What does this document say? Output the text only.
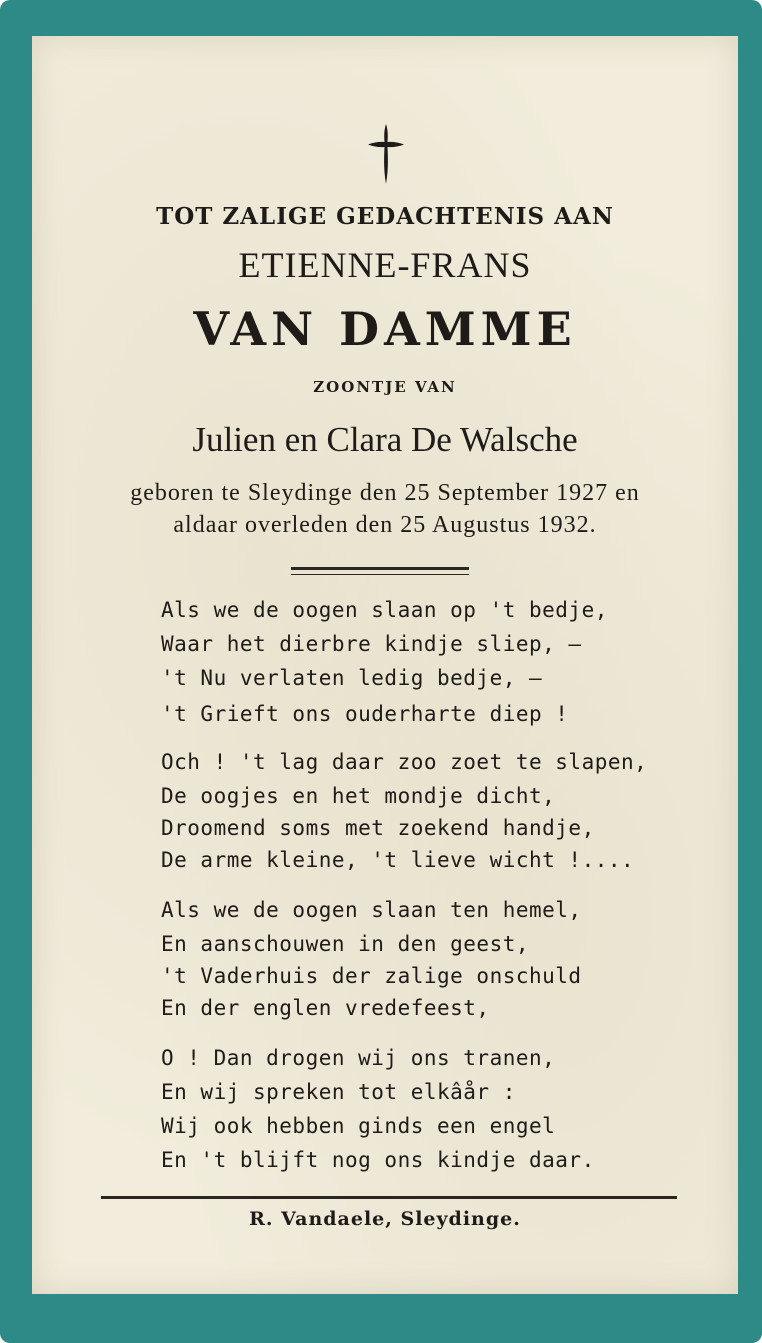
TOT ZALIGE GEDACHTENIS AAN
ETIENNE-FRANS
VAN DAMME
ZOONTJE VAN
Julien en Clara De Walsche
geboren te Sleydinge den 25 September 1927 en
aldaar overleden den 25 Augustus 1932.
Als we de oogen slaan op 't bedje,
Waar het dierbre kindje sliep, —
't Nu verlaten ledig bedje, —
't Grieft ons ouderharte diep !
Och ! 't lag daar zoo zoet te slapen,
De oogjes en het mondje dicht,
Droomend soms met zoekend handje,
De arme kleine, 't lieve wicht !....
Als we de oogen slaan ten hemel,
En aanschouwen in den geest,
't Vaderhuis der zalige onschuld
En der englen vredefeest,
O ! Dan drogen wij ons tranen,
En wij spreken tot elkâår :
Wij ook hebben ginds een engel
En 't blijft nog ons kindje daar.
R. Vandaele, Sleydinge.
